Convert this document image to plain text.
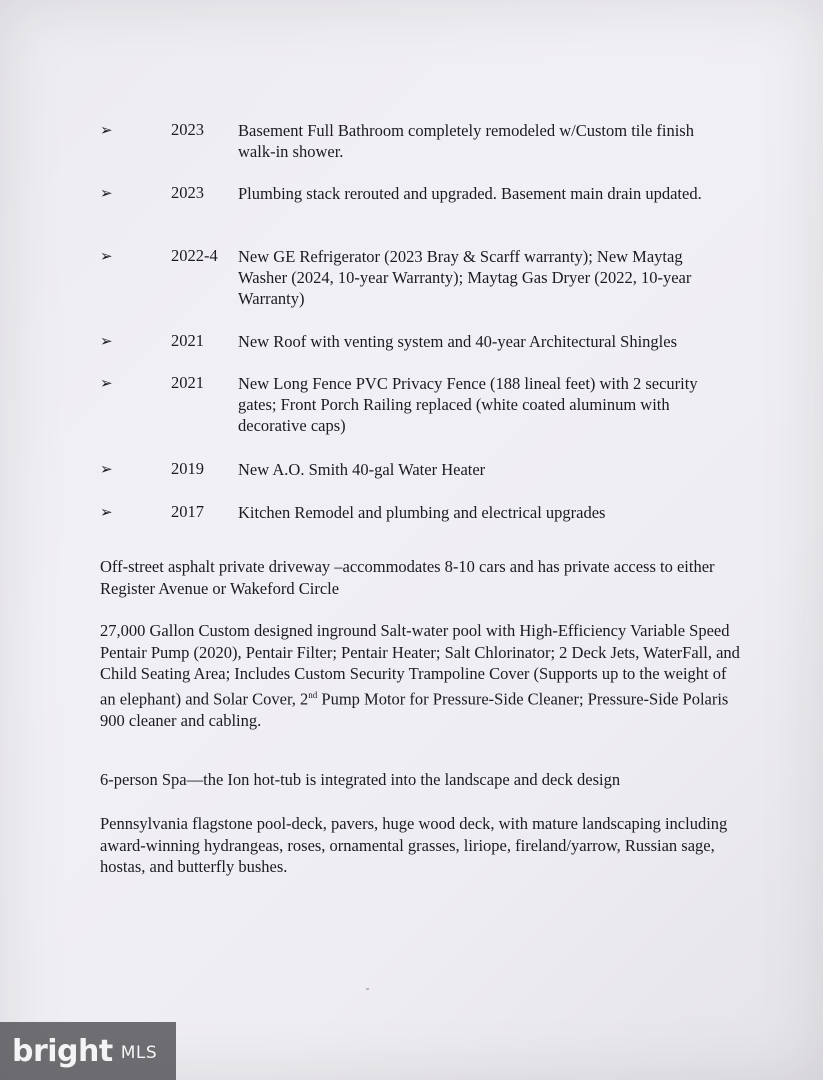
➢	2023 Basement Full Bathroom completely remodeled w/Custom tile finish walk-in shower.
➢	2023 Plumbing stack rerouted and upgraded. Basement main drain updated.
➢	2022-4 New GE Refrigerator (2023 Bray & Scarff warranty); New Maytag Washer (2024, 10-year Warranty); Maytag Gas Dryer (2022, 10-year Warranty)
➢	2021 New Roof with venting system and 40-year Architectural Shingles
➢	2021 New Long Fence PVC Privacy Fence (188 lineal feet) with 2 security gates; Front Porch Railing replaced (white coated aluminum with decorative caps)
➢	2019 New A.O. Smith 40-gal Water Heater
➢	2017 Kitchen Remodel and plumbing and electrical upgrades
Off-street asphalt private driveway –accommodates 8-10 cars and has private access to either Register Avenue or Wakeford Circle
27,000 Gallon Custom designed inground Salt-water pool with High-Efficiency Variable Speed Pentair Pump (2020), Pentair Filter; Pentair Heater; Salt Chlorinator; 2 Deck Jets, WaterFall, and Child Seating Area; Includes Custom Security Trampoline Cover (Supports up to the weight of an elephant) and Solar Cover, 2nd Pump Motor for Pressure-Side Cleaner; Pressure-Side Polaris 900 cleaner and cabling.
6-person Spa—the Ion hot-tub is integrated into the landscape and deck design
Pennsylvania flagstone pool-deck, pavers, huge wood deck, with mature landscaping including award-winning hydrangeas, roses, ornamental grasses, liriope, fireland/yarrow, Russian sage, hostas, and butterfly bushes.
bright MLS
